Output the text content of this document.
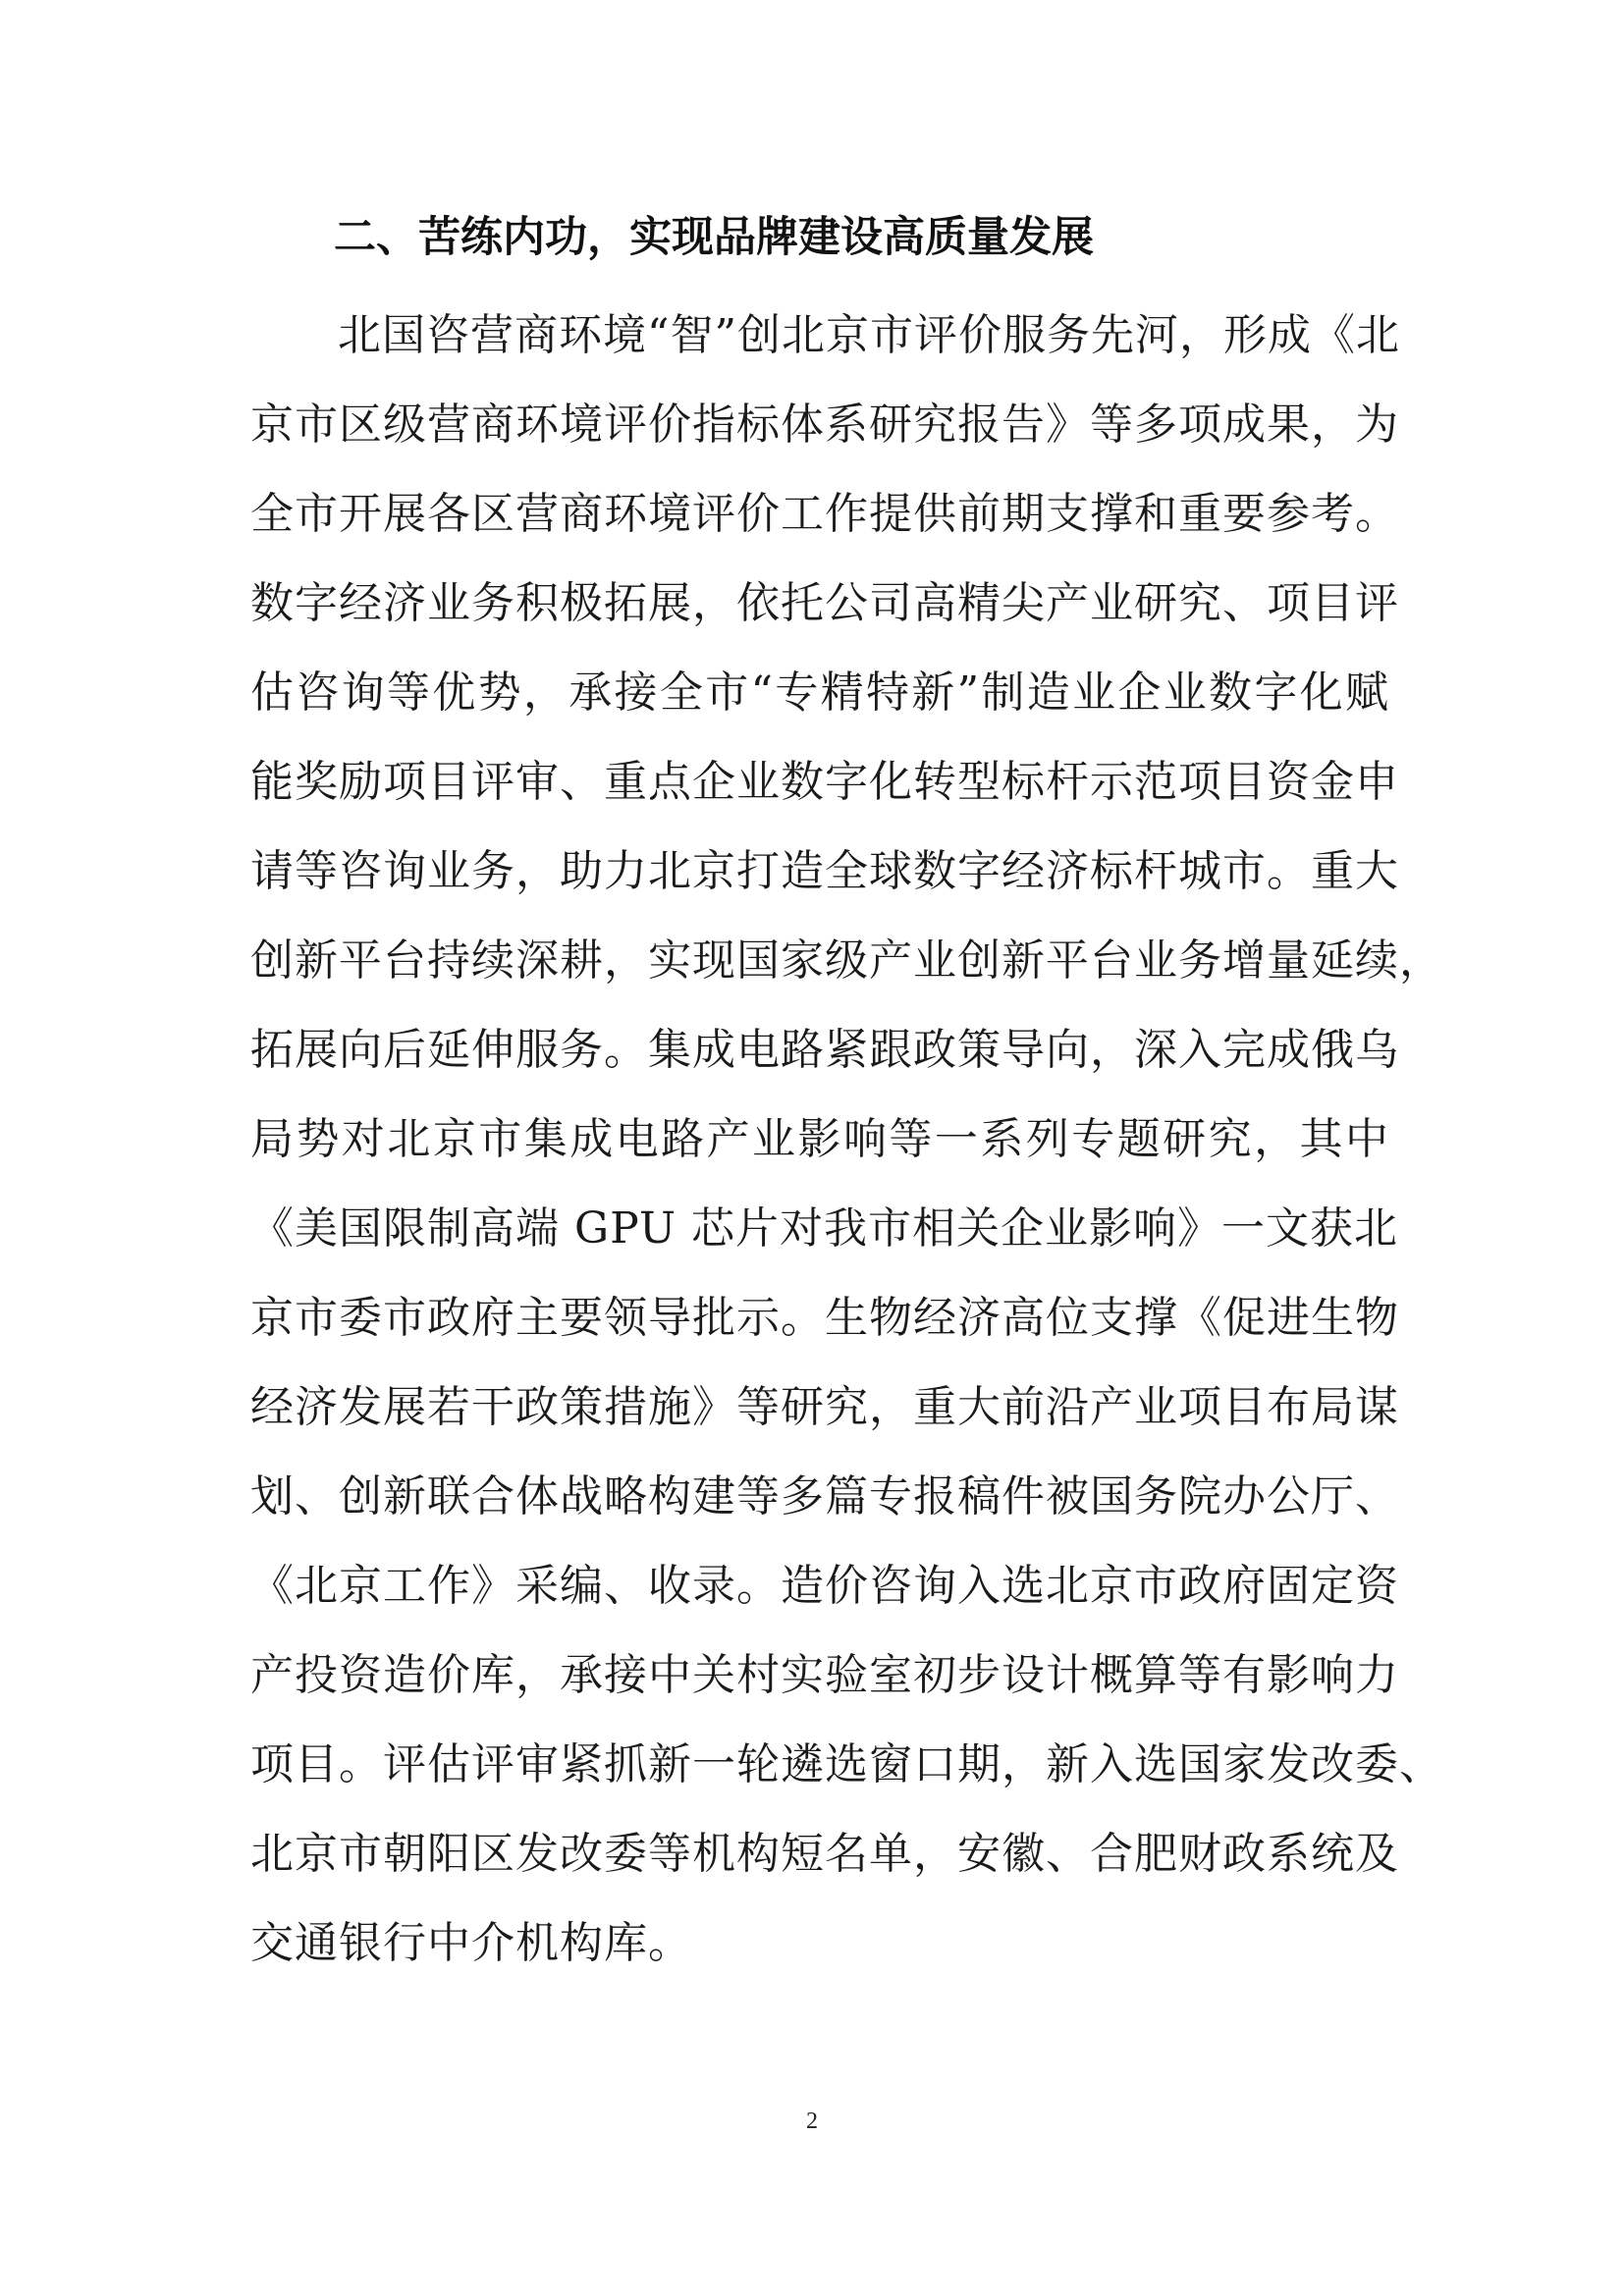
二、苦练内功，实现品牌建设高质量发展
北国咨营商环境“智”创北京市评价服务先河，形成《北
京市区级营商环境评价指标体系研究报告》等多项成果，为
全市开展各区营商环境评价工作提供前期支撑和重要参考。
数字经济业务积极拓展，依托公司高精尖产业研究、项目评
估咨询等优势，承接全市“专精特新”制造业企业数字化赋
能奖励项目评审、重点企业数字化转型标杆示范项目资金申
请等咨询业务，助力北京打造全球数字经济标杆城市。重大
创新平台持续深耕，实现国家级产业创新平台业务增量延续，
拓展向后延伸服务。集成电路紧跟政策导向，深入完成俄乌
局势对北京市集成电路产业影响等一系列专题研究，其中
《美国限制高端 GPU 芯片对我市相关企业影响》一文获北
京市委市政府主要领导批示。生物经济高位支撑《促进生物
经济发展若干政策措施》等研究，重大前沿产业项目布局谋
划、创新联合体战略构建等多篇专报稿件被国务院办公厅、
《北京工作》采编、收录。造价咨询入选北京市政府固定资
产投资造价库，承接中关村实验室初步设计概算等有影响力
项目。评估评审紧抓新一轮遴选窗口期，新入选国家发改委、
北京市朝阳区发改委等机构短名单，安徽、合肥财政系统及
交通银行中介机构库。
2
